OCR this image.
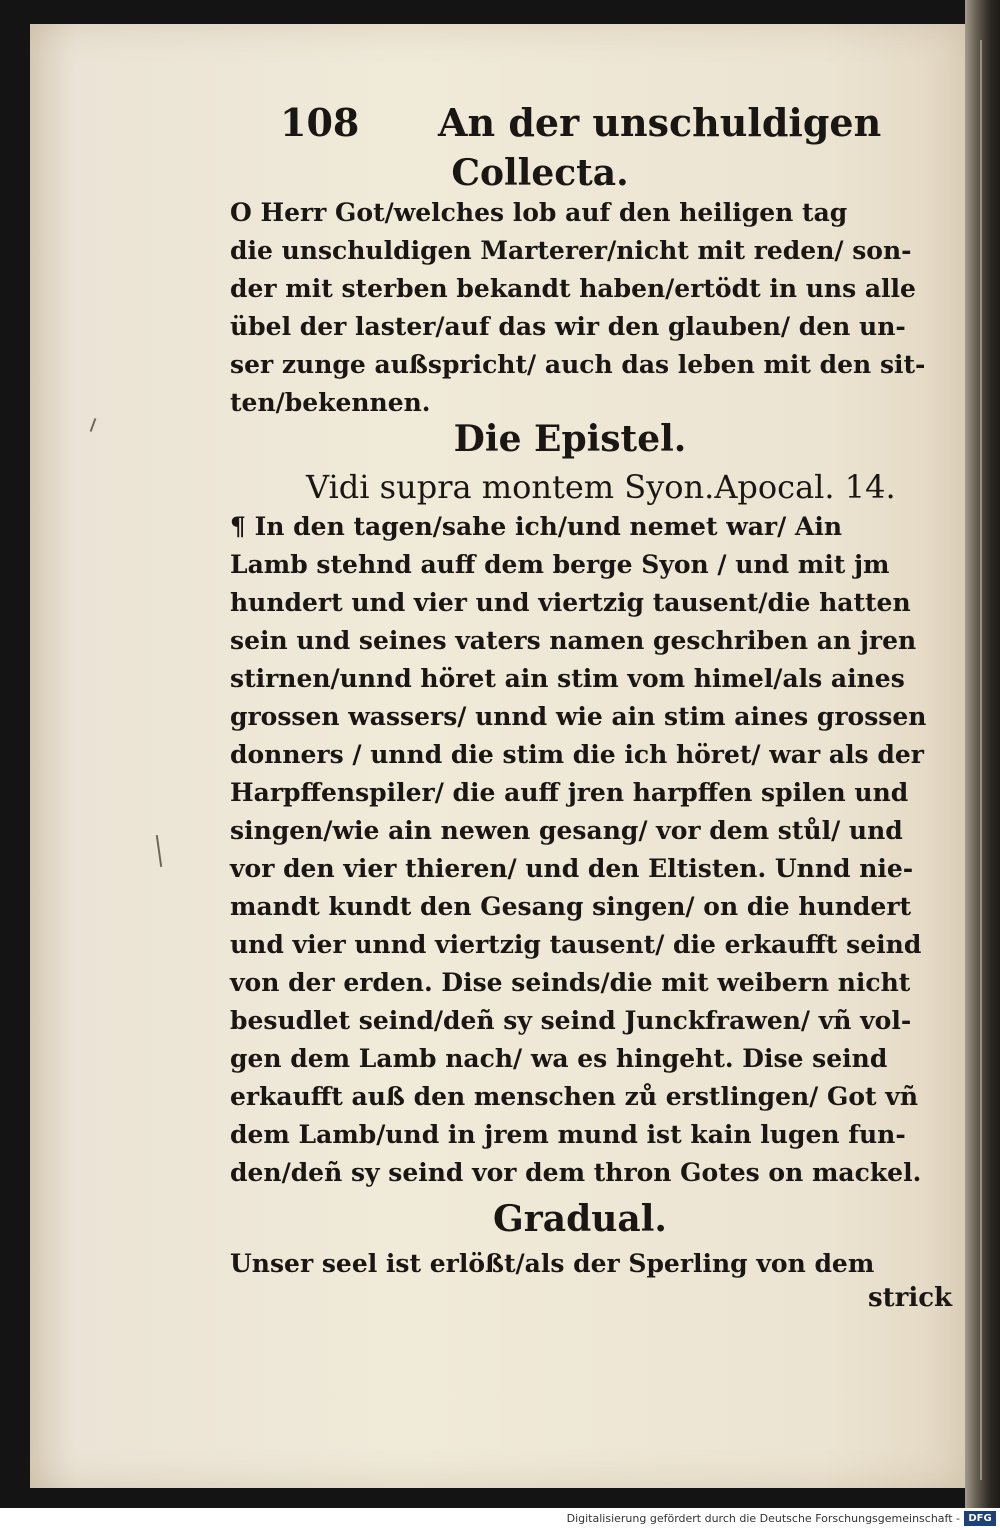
108 An der unschuldigen
Collecta.
O Herr Got/welches lob auf den heiligen tag
die unschuldigen Marterer/nicht mit reden/ son-
der mit sterben bekandt haben/ertödt in uns alle
übel der laster/auf das wir den glauben/ den un-
ser zunge außspricht/ auch das leben mit den sit-
ten/bekennen.
Die Epistel.
Vidi supra montem Syon.Apocal. 14.
¶ In den tagen/sahe ich/und nemet war/ Ain
Lamb stehnd auff dem berge Syon / und mit jm
hundert und vier und viertzig tausent/die hatten
sein und seines vaters namen geschriben an jren
stirnen/unnd höret ain stim vom himel/als aines
grossen wassers/ unnd wie ain stim aines grossen
donners / unnd die stim die ich höret/ war als der
Harpffenspiler/ die auff jren harpffen spilen und
singen/wie ain newen gesang/ vor dem stůl/ und
vor den vier thieren/ und den Eltisten. Unnd nie-
mandt kundt den Gesang singen/ on die hundert
und vier unnd viertzig tausent/ die erkaufft seind
von der erden. Dise seinds/die mit weibern nicht
besudlet seind/deñ sy seind Junckfrawen/ vñ vol-
gen dem Lamb nach/ wa es hingeht. Dise seind
erkaufft auß den menschen zů erstlingen/ Got vñ
dem Lamb/und in jrem mund ist kain lugen fun-
den/deñ sy seind vor dem thron Gotes on mackel.
Gradual.
Unser seel ist erlößt/als der Sperling von dem
strick
Digitalisierung gefördert durch die Deutsche Forschungsgemeinschaft - DFG
